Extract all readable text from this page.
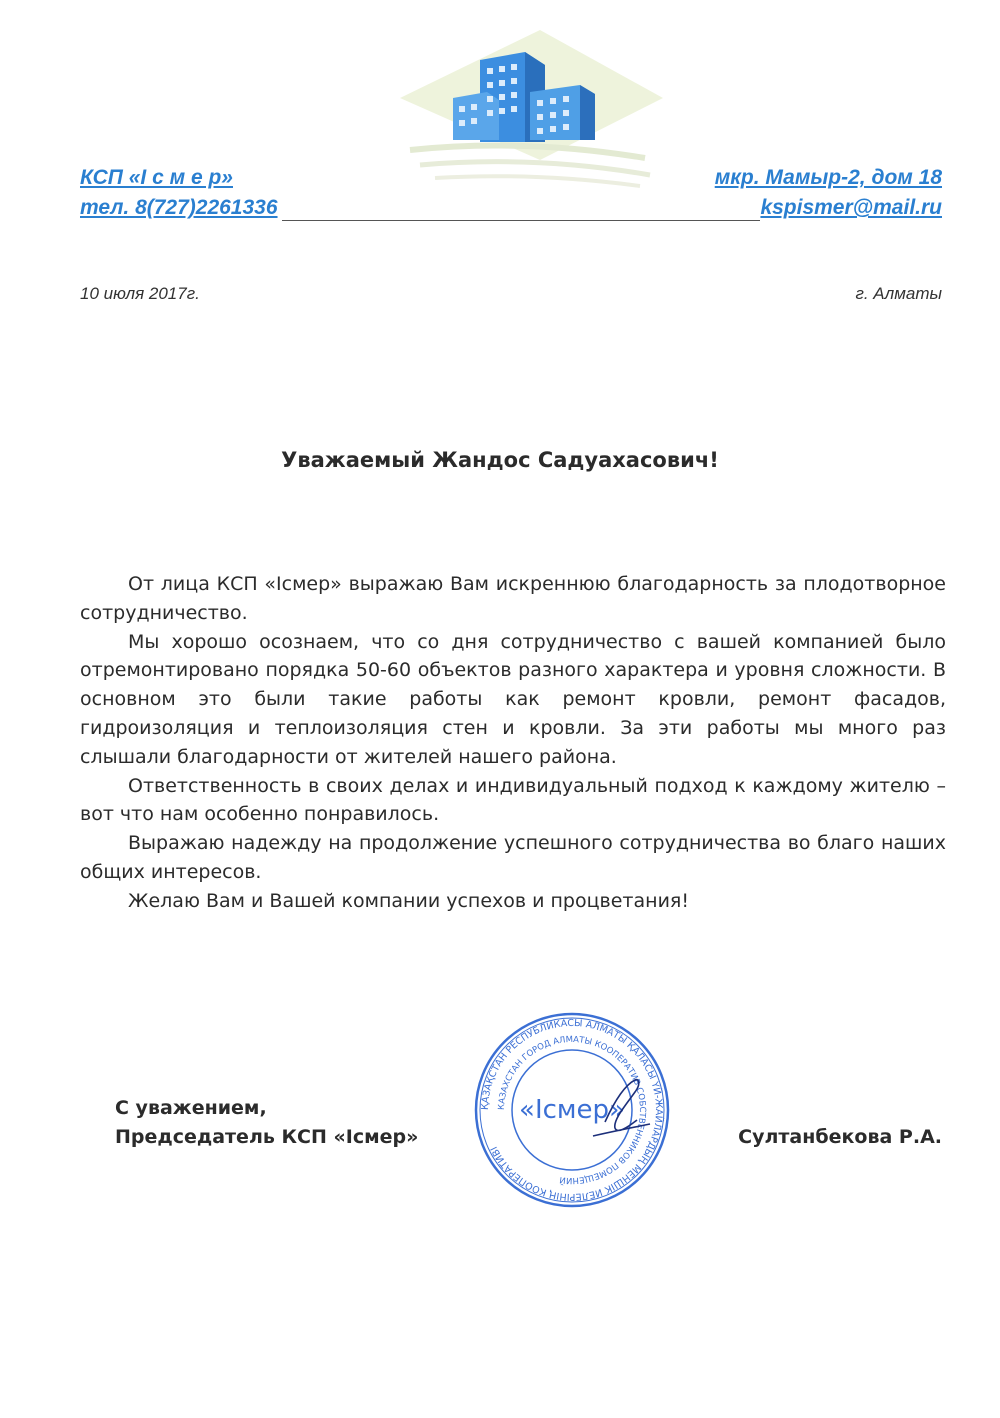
КСП «І с м е р»
тел. 8(727)2261336
мкр. Мамыр-2, дом 18
kspismer@mail.ru
10 июля 2017г.	г. Алматы
Уважаемый Жандос Садуахасович!

От лица КСП «Ісмер» выражаю Вам искреннюю благодарность за плодотворное сотрудничество.

Мы хорошо осознаем, что со дня сотрудничество с вашей компанией было отремонтировано порядка 50-60 объектов разного характера и уровня сложности. В основном это были такие работы как ремонт кровли, ремонт фасадов, гидроизоляция и теплоизоляция стен и кровли. За эти работы мы много раз слышали благодарности от жителей нашего района.

Ответственность в своих делах и индивидуальный подход к каждому жителю – вот что нам особенно понравилось.

Выражаю надежду на продолжение успешного сотрудничества во благо наших общих интересов.

Желаю Вам и Вашей компании успехов и процветания!

С уважением,
Председатель КСП «Ісмер»	Султанбекова Р.А.
ҚАЗАҚСТАН РЕСПУБЛИКАСЫ АЛМАТЫ ҚАЛАСЫ ҮЙ-ЖАЙЛАРДЫҢ МЕНШІК ИЕЛЕРІНІҢ КООПЕРАТИВІ
КАЗАХСТАН ГОРОД АЛМАТЫ КООПЕРАТИВ СОБСТВЕННИКОВ ПОМЕЩЕНИЙ
«Ісмер»
